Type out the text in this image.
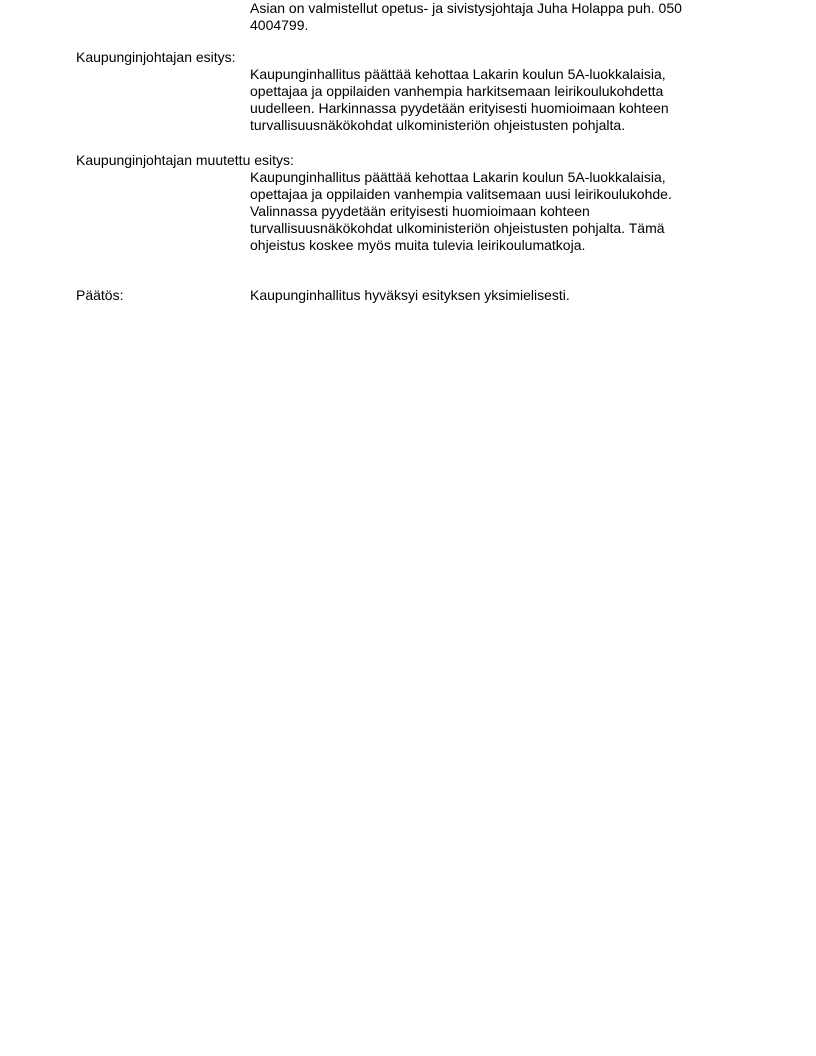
Asian on valmistellut opetus- ja sivistysjohtaja Juha Holappa puh. 050

4004799.

Kaupunginjohtajan esitys:

Kaupunginhallitus päättää kehottaa Lakarin koulun 5A-luokkalaisia,

opettajaa ja oppilaiden vanhempia harkitsemaan leirikoulukohdetta

uudelleen. Harkinnassa pyydetään erityisesti huomioimaan kohteen

turvallisuusnäkökohdat ulkoministeriön ohjeistusten pohjalta.

Kaupunginjohtajan muutettu esitys:

Kaupunginhallitus päättää kehottaa Lakarin koulun 5A-luokkalaisia,

opettajaa ja oppilaiden vanhempia valitsemaan uusi leirikoulukohde.

Valinnassa pyydetään erityisesti huomioimaan kohteen

turvallisuusnäkökohdat ulkoministeriön ohjeistusten pohjalta. Tämä

ohjeistus koskee myös muita tulevia leirikoulumatkoja.

Päätös:	Kaupunginhallitus hyväksyi esityksen yksimielisesti.
